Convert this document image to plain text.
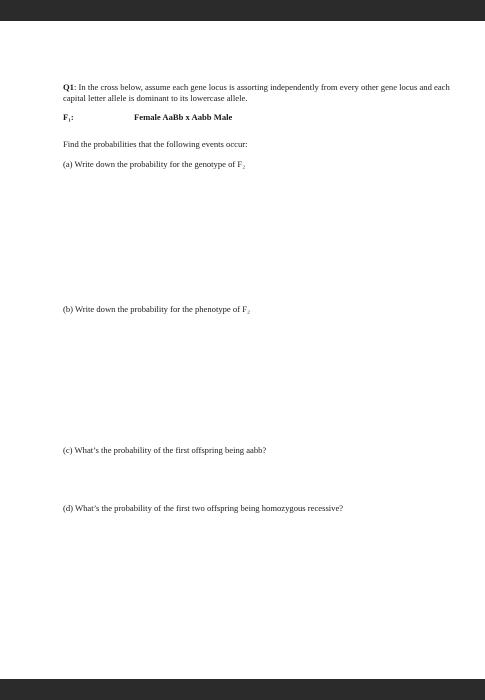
Q1: In the cross below, assume each gene locus is assorting independently from every other gene locus and each capital letter allele is dominant to its lowercase allele.
F₁:	Female AaBb x Aabb Male
Find the probabilities that the following events occur:
(a) Write down the probability for the genotype of F₂
(b) Write down the probability for the phenotype of F₂
(c) What’s the probability of the first offspring being aabb?
(d) What’s the probability of the first two offspring being homozygous recessive?
